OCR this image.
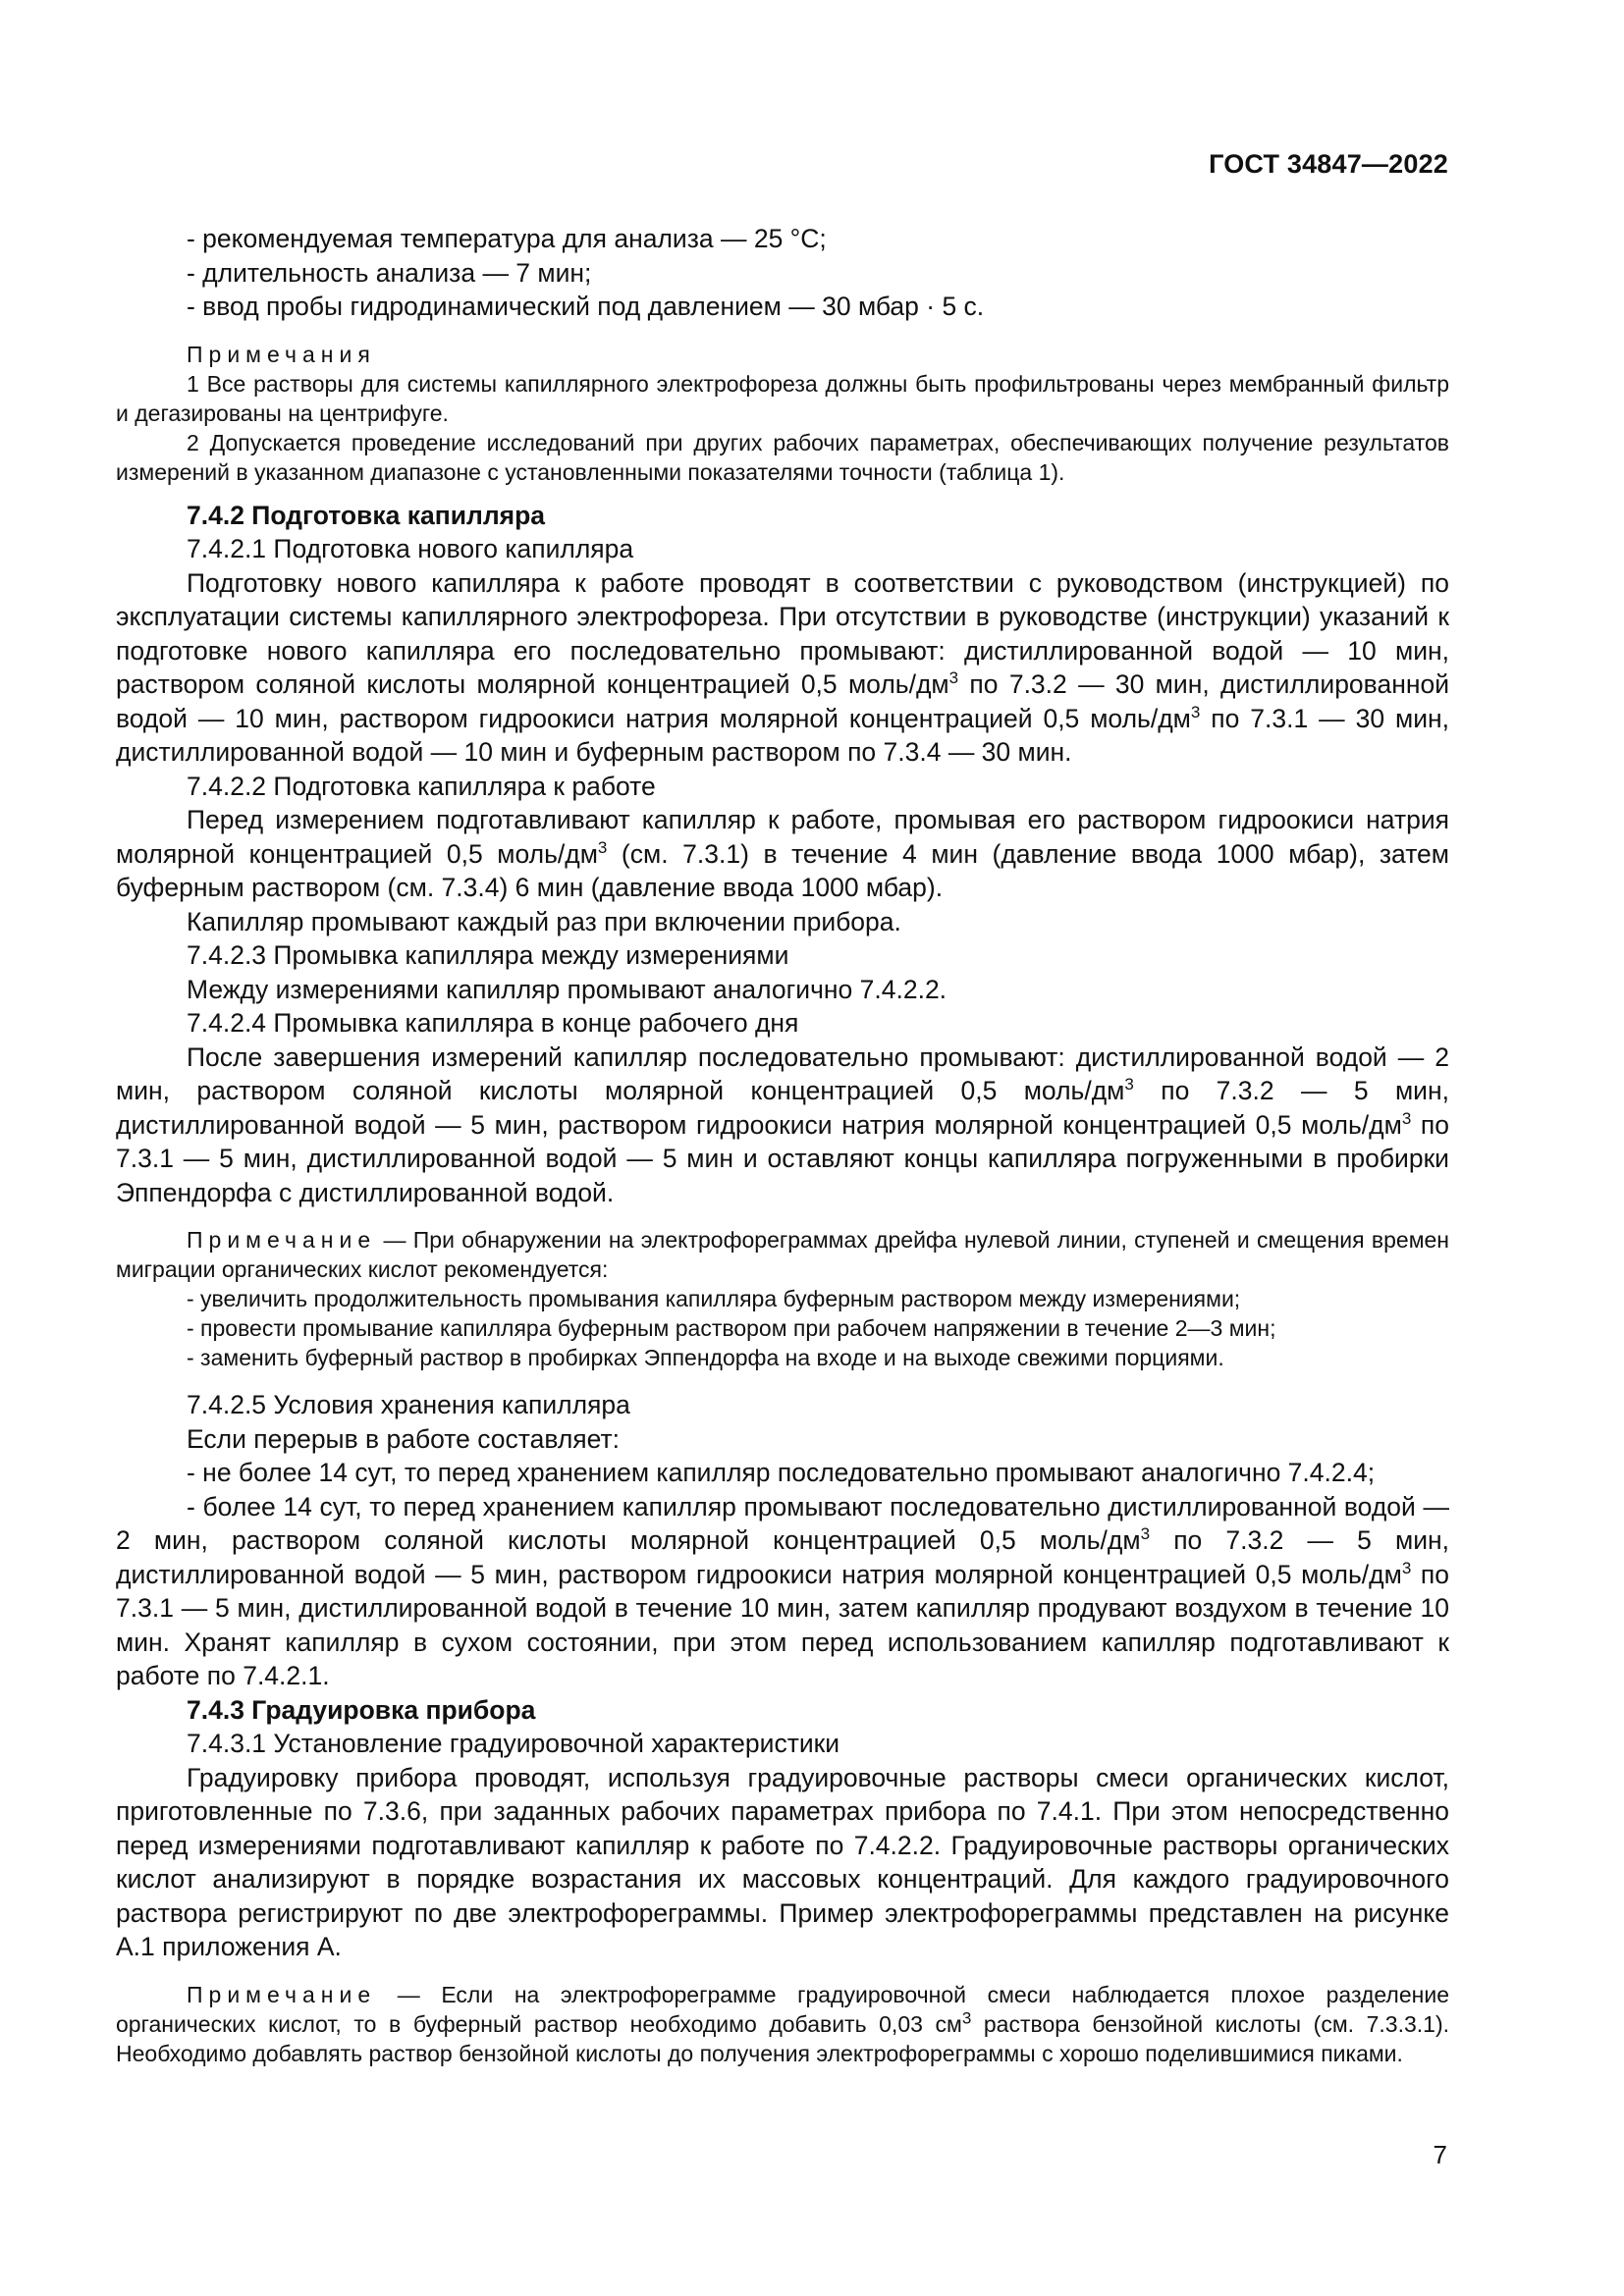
ГОСТ 34847—2022

- рекомендуемая температура для анализа — 25 °C;

- длительность анализа — 7 мин;

- ввод пробы гидродинамический под давлением — 30 мбар · 5 с.

Примечания

1 Все растворы для системы капиллярного электрофореза должны быть профильтрованы через мембранный фильтр и дегазированы на центрифуге.

2 Допускается проведение исследований при других рабочих параметрах, обеспечивающих получение результатов измерений в указанном диапазоне с установленными показателями точности (таблица 1).

7.4.2 Подготовка капилляра

7.4.2.1 Подготовка нового капилляра

Подготовку нового капилляра к работе проводят в соответствии с руководством (инструкцией) по эксплуатации системы капиллярного электрофореза. При отсутствии в руководстве (инструкции) указаний к подготовке нового капилляра его последовательно промывают: дистиллированной водой — 10 мин, раствором соляной кислоты молярной концентрацией 0,5 моль/$дм^3$ по 7.3.2 — 30 мин, дистиллированной водой — 10 мин, раствором гидроокиси натрия молярной концентрацией 0,5 моль/$дм^3$ по 7.3.1 — 30 мин, дистиллированной водой — 10 мин и буферным раствором по 7.3.4 — 30 мин.

7.4.2.2 Подготовка капилляра к работе

Перед измерением подготавливают капилляр к работе, промывая его раствором гидроокиси натрия молярной концентрацией 0,5 моль/$дм^3$ (см. 7.3.1) в течение 4 мин (давление ввода 1000 мбар), затем буферным раствором (см. 7.3.4) 6 мин (давление ввода 1000 мбар).

Капилляр промывают каждый раз при включении прибора.

7.4.2.3 Промывка капилляра между измерениями

Между измерениями капилляр промывают аналогично 7.4.2.2.

7.4.2.4 Промывка капилляра в конце рабочего дня

После завершения измерений капилляр последовательно промывают: дистиллированной водой — 2 мин, раствором соляной кислоты молярной концентрацией 0,5 моль/$дм^3$ по 7.3.2 — 5 мин, дистиллированной водой — 5 мин, раствором гидроокиси натрия молярной концентрацией 0,5 моль/$дм^3$ по 7.3.1 — 5 мин, дистиллированной водой — 5 мин и оставляют концы капилляра погруженными в пробирки Эппендорфа с дистиллированной водой.

Примечание — При обнаружении на электрофореграммах дрейфа нулевой линии, ступеней и смещения времен миграции органических кислот рекомендуется:

- увеличить продолжительность промывания капилляра буферным раствором между измерениями;

- провести промывание капилляра буферным раствором при рабочем напряжении в течение 2—3 мин;

- заменить буферный раствор в пробирках Эппендорфа на входе и на выходе свежими порциями.

7.4.2.5 Условия хранения капилляра

Если перерыв в работе составляет:

- не более 14 сут, то перед хранением капилляр последовательно промывают аналогично 7.4.2.4;

- более 14 сут, то перед хранением капилляр промывают последовательно дистиллированной водой — 2 мин, раствором соляной кислоты молярной концентрацией 0,5 моль/$дм^3$ по 7.3.2 — 5 мин, дистиллированной водой — 5 мин, раствором гидроокиси натрия молярной концентрацией 0,5 моль/$дм^3$ по 7.3.1 — 5 мин, дистиллированной водой в течение 10 мин, затем капилляр продувают воздухом в течение 10 мин. Хранят капилляр в сухом состоянии, при этом перед использованием капилляр подготавливают к работе по 7.4.2.1.

7.4.3 Градуировка прибора

7.4.3.1 Установление градуировочной характеристики

Градуировку прибора проводят, используя градуировочные растворы смеси органических кислот, приготовленные по 7.3.6, при заданных рабочих параметрах прибора по 7.4.1. При этом непосредственно перед измерениями подготавливают капилляр к работе по 7.4.2.2. Градуировочные растворы органических кислот анализируют в порядке возрастания их массовых концентраций. Для каждого градуировочного раствора регистрируют по две электрофореграммы. Пример электрофореграммы представлен на рисунке А.1 приложения А.

Примечание — Если на электрофореграмме градуировочной смеси наблюдается плохое разделение органических кислот, то в буферный раствор необходимо добавить 0,03 $см^3$ раствора бензойной кислоты (см. 7.3.3.1). Необходимо добавлять раствор бензойной кислоты до получения электрофореграммы с хорошо поделившимися пиками.

7
